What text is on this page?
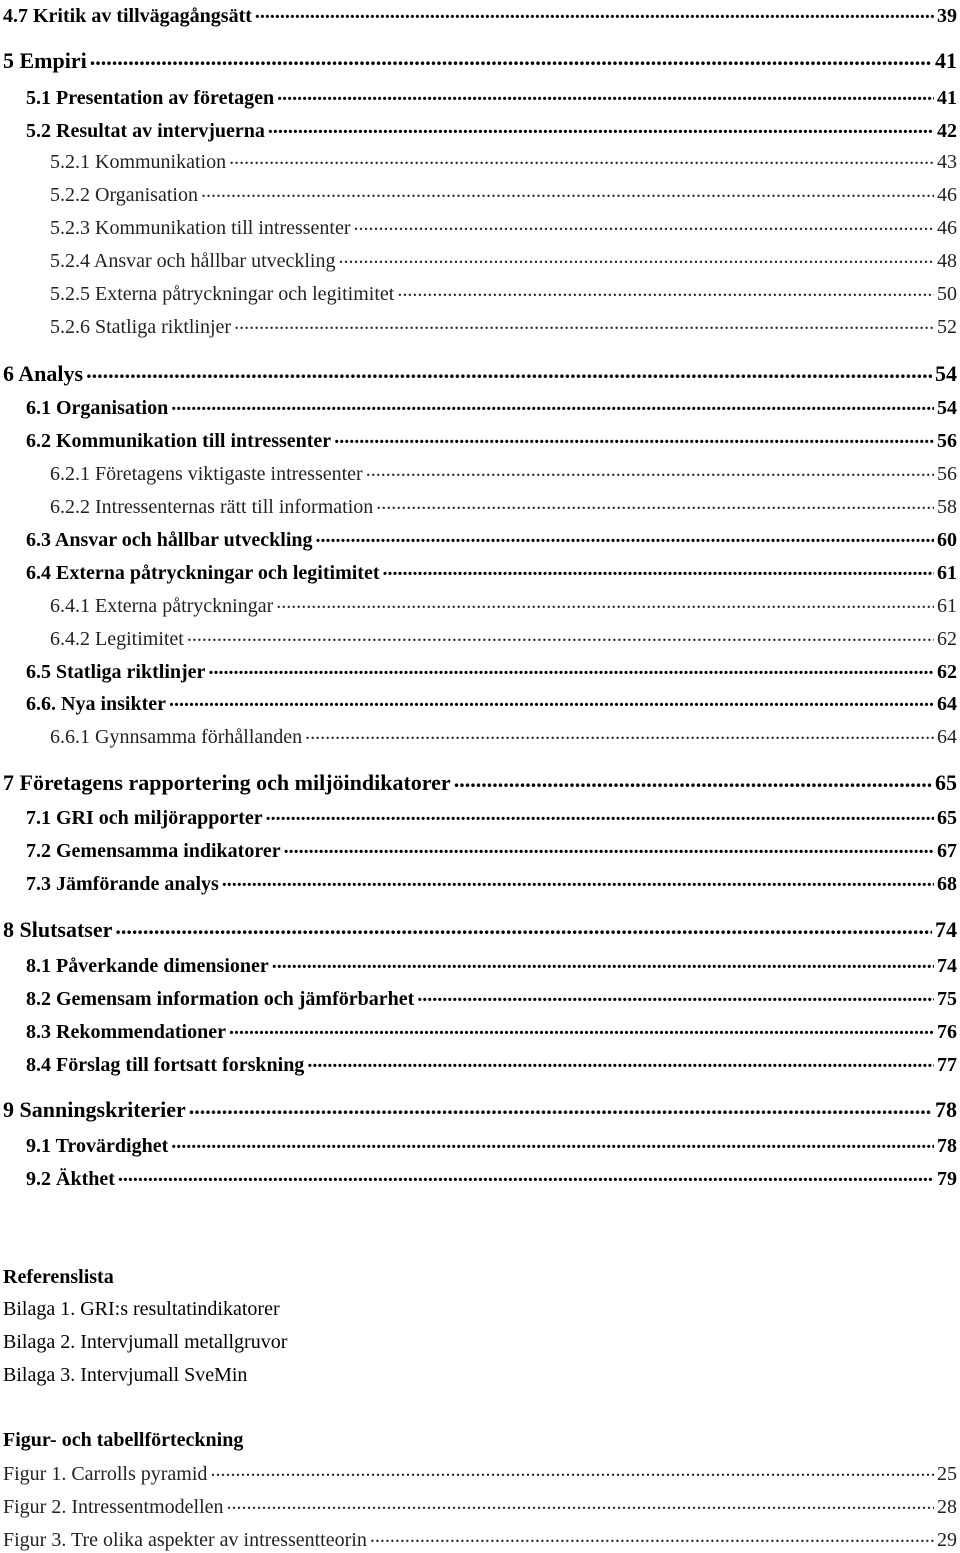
4.7 Kritik av tillvägagångsätt .....	39
5 Empiri .....	41
5.1 Presentation av företagen .....	41
5.2 Resultat av intervjuerna .....	42
5.2.1 Kommunikation .....	43
5.2.2 Organisation .....	46
5.2.3 Kommunikation till intressenter .....	46
5.2.4 Ansvar och hållbar utveckling .....	48
5.2.5 Externa påtryckningar och legitimitet .....	50
5.2.6 Statliga riktlinjer .....	52
6 Analys .....	54
6.1 Organisation .....	54
6.2 Kommunikation till intressenter .....	56
6.2.1 Företagens viktigaste intressenter .....	56
6.2.2 Intressenternas rätt till information .....	58
6.3 Ansvar och hållbar utveckling .....	60
6.4 Externa påtryckningar och legitimitet .....	61
6.4.1 Externa påtryckningar .....	61
6.4.2 Legitimitet .....	62
6.5 Statliga riktlinjer .....	62
6.6. Nya insikter .....	64
6.6.1 Gynnsamma förhållanden .....	64
7 Företagens rapportering och miljöindikatorer .....	65
7.1 GRI och miljörapporter .....	65
7.2 Gemensamma indikatorer .....	67
7.3 Jämförande analys .....	68
8 Slutsatser .....	74
8.1 Påverkande dimensioner .....	74
8.2 Gemensam information och jämförbarhet .....	75
8.3 Rekommendationer .....	76
8.4 Förslag till fortsatt forskning .....	77
9 Sanningskriterier .....	78
9.1 Trovärdighet .....	78
9.2 Äkthet .....	79
Referenslista
Bilaga 1. GRI:s resultatindikatorer
Bilaga 2. Intervjumall metallgruvor
Bilaga 3. Intervjumall SveMin
Figur- och tabellförteckning
Figur 1. Carrolls pyramid .....	25
Figur 2. Intressentmodellen .....	28
Figur 3. Tre olika aspekter av intressentteorin .....	29
